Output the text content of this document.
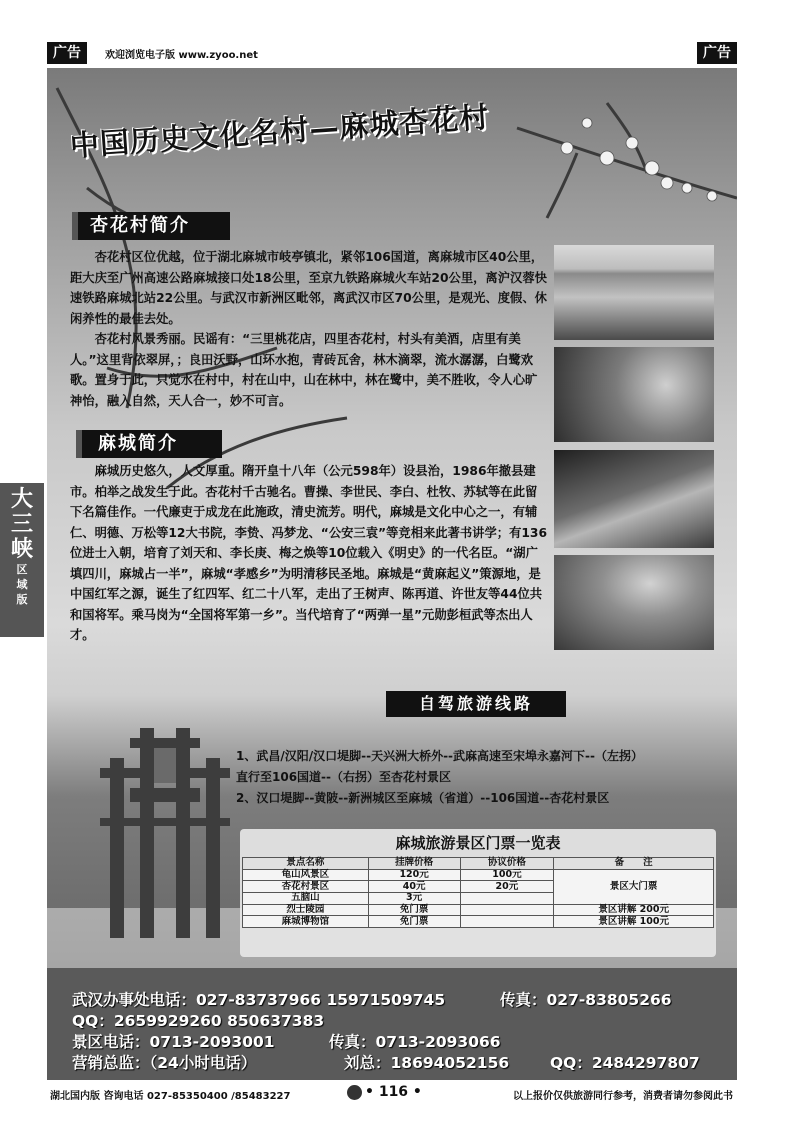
广告	欢迎浏览电子版 www.zyoo.net	广告
大三峡
区
域
版
中国历史文化名村—麻城杏花村
杏花村简介

杏花村区位优越，位于湖北麻城市岐亭镇北，紧邻106国道，离麻城市区40公里，距大庆至广州高速公路麻城接口处18公里，至京九铁路麻城火车站20公里，离沪汉蓉快速铁路麻城北站22公里。与武汉市新洲区毗邻，离武汉市区70公里，是观光、度假、休闲养性的最佳去处。

杏花村风景秀丽。民谣有：“三里桃花店，四里杏花村，村头有美酒，店里有美人。”这里背依翠屏，；良田沃野，山环水抱，青砖瓦舍，林木滴翠，流水潺潺，白鹭欢歌。置身于此，只觉水在村中，村在山中，山在林中，林在鹭中，美不胜收，令人心旷神怡，融入自然，天人合一，妙不可言。

麻城简介

麻城历史悠久，人文厚重。隋开皇十八年（公元598年）设县治，1986年撤县建市。柏举之战发生于此。杏花村千古驰名。曹操、李世民、李白、杜牧、苏轼等在此留下名篇佳作。一代廉吏于成龙在此施政，清史流芳。明代，麻城是文化中心之一，有辅仁、明德、万松等12大书院，李贽、冯梦龙、“公安三袁”等竞相来此著书讲学；有136位进士入朝，培育了刘天和、李长庚、梅之焕等10位载入《明史》的一代名臣。“湖广填四川，麻城占一半”，麻城“孝感乡”为明清移民圣地。麻城是“黄麻起义”策源地，是中国红军之源，诞生了红四军、红二十八军，走出了王树声、陈再道、许世友等44位共和国将军。乘马岗为“全国将军第一乡”。当代培育了“两弹一星”元勋彭桓武等杰出人才。

自驾旅游线路
1、武昌/汉阳/汉口堤脚--天兴洲大桥外--武麻高速至宋埠永嘉河下--（左拐）
直行至106国道--（右拐）至杏花村景区
2、汉口堤脚--黄陂--新洲城区至麻城（省道）--106国道--杏花村景区
麻城旅游景区门票一览表
景点名称	挂牌价格	协议价格	备　　注
龟山风景区	120元	100元	景区大门票
杏花村景区	40元	20元	
五脑山	3元		
烈士陵园	免门票		景区讲解 200元
麻城博物馆	免门票		景区讲解 100元
武汉办事处电话：027-83737966 15971509745	传真：027-83805266
QQ：2659929260 850637383
景区电话：0713-2093001	传真：0713-2093066
营销总监：（24小时电话）	刘总：18694052156	QQ：2484297807
湖北国内版 咨询电话 027-85350400 /85483227	• 116 •	以上报价仅供旅游同行参考，消费者请勿参阅此书
